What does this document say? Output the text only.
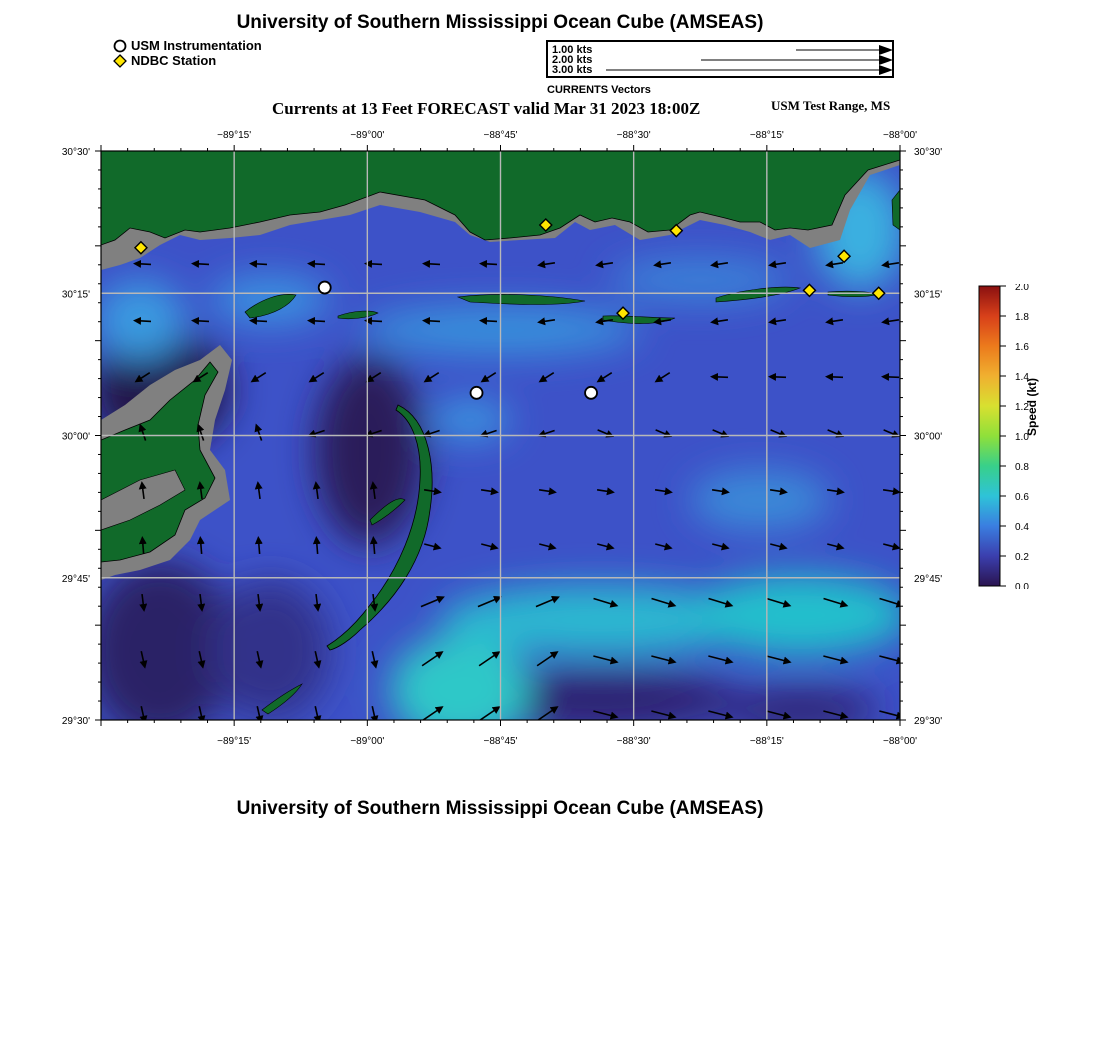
University of Southern Mississippi Ocean Cube (AMSEAS)
USM Instrumentation
NDBC Station
1.00 kts
2.00 kts
3.00 kts
CURRENTS Vectors
Currents at 13 Feet FORECAST valid Mar 31 2023 18:00Z	USM Test Range, MS
−89°15'
−89°15'
−89°00'
−89°00'
−88°45'
−88°45'
−88°30'
−88°30'
−88°15'
−88°15'
−88°00'
−88°00'
30°30'	30°30'
30°15'	30°15'
30°00'	30°00'
29°45'	29°45'
29°30'	29°30'
0.0
0.2
0.4
0.6
0.8
1.0
1.2
1.4
1.6
1.8
2.0
Speed (kt)
University of Southern Mississippi Ocean Cube (AMSEAS)
